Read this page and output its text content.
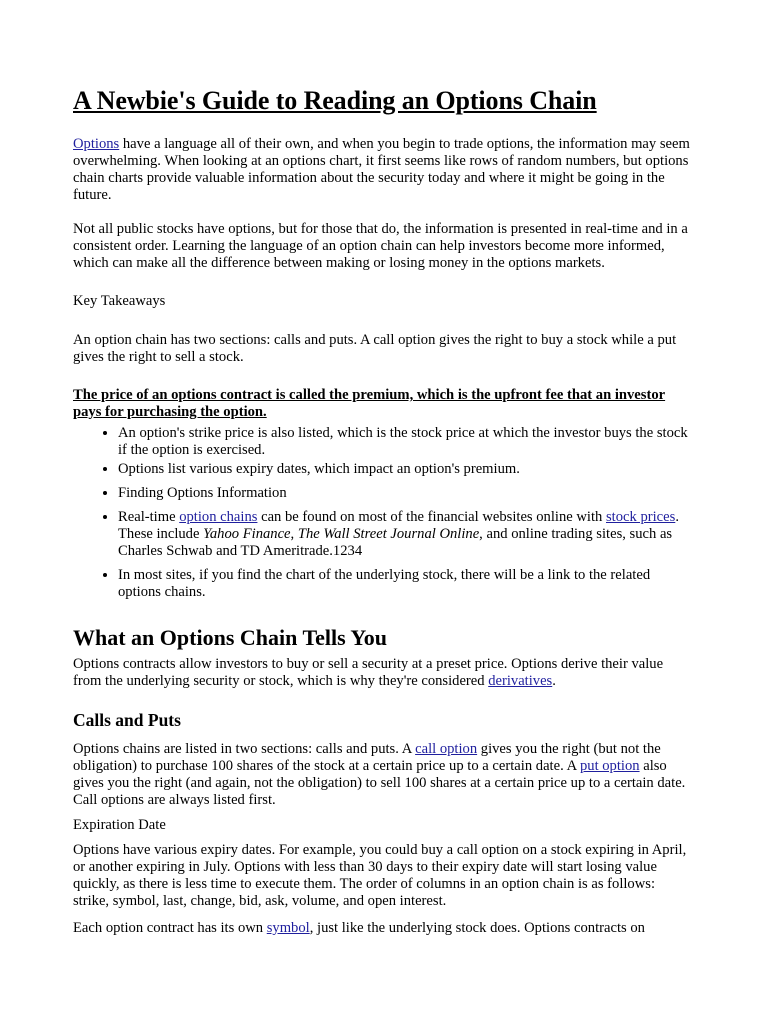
A Newbie's Guide to Reading an Options Chain

Options have a language all of their own, and when you begin to trade options, the information may seem overwhelming. When looking at an options chart, it first seems like rows of random numbers, but options chain charts provide valuable information about the security today and where it might be going in the future.

Not all public stocks have options, but for those that do, the information is presented in real-time and in a consistent order. Learning the language of an option chain can help investors become more informed, which can make all the difference between making or losing money in the options markets.

Key Takeaways

An option chain has two sections: calls and puts. A call option gives the right to buy a stock while a put gives the right to sell a stock.

The price of an options contract is called the premium, which is the upfront fee that an investor pays for purchasing the option.

• An option's strike price is also listed, which is the stock price at which the investor buys the stock if the option is exercised.
• Options list various expiry dates, which impact an option's premium.
• Finding Options Information
• Real-time option chains can be found on most of the financial websites online with stock prices. These include Yahoo Finance, The Wall Street Journal Online, and online trading sites, such as Charles Schwab and TD Ameritrade.1234
• In most sites, if you find the chart of the underlying stock, there will be a link to the related options chains.
What an Options Chain Tells You

Options contracts allow investors to buy or sell a security at a preset price. Options derive their value from the underlying security or stock, which is why they're considered derivatives.

Calls and Puts

Options chains are listed in two sections: calls and puts. A call option gives you the right (but not the obligation) to purchase 100 shares of the stock at a certain price up to a certain date. A put option also gives you the right (and again, not the obligation) to sell 100 shares at a certain price up to a certain date. Call options are always listed first.

Expiration Date

Options have various expiry dates. For example, you could buy a call option on a stock expiring in April, or another expiring in July. Options with less than 30 days to their expiry date will start losing value quickly, as there is less time to execute them. The order of columns in an option chain is as follows: strike, symbol, last, change, bid, ask, volume, and open interest.

Each option contract has its own symbol, just like the underlying stock does. Options contracts on
